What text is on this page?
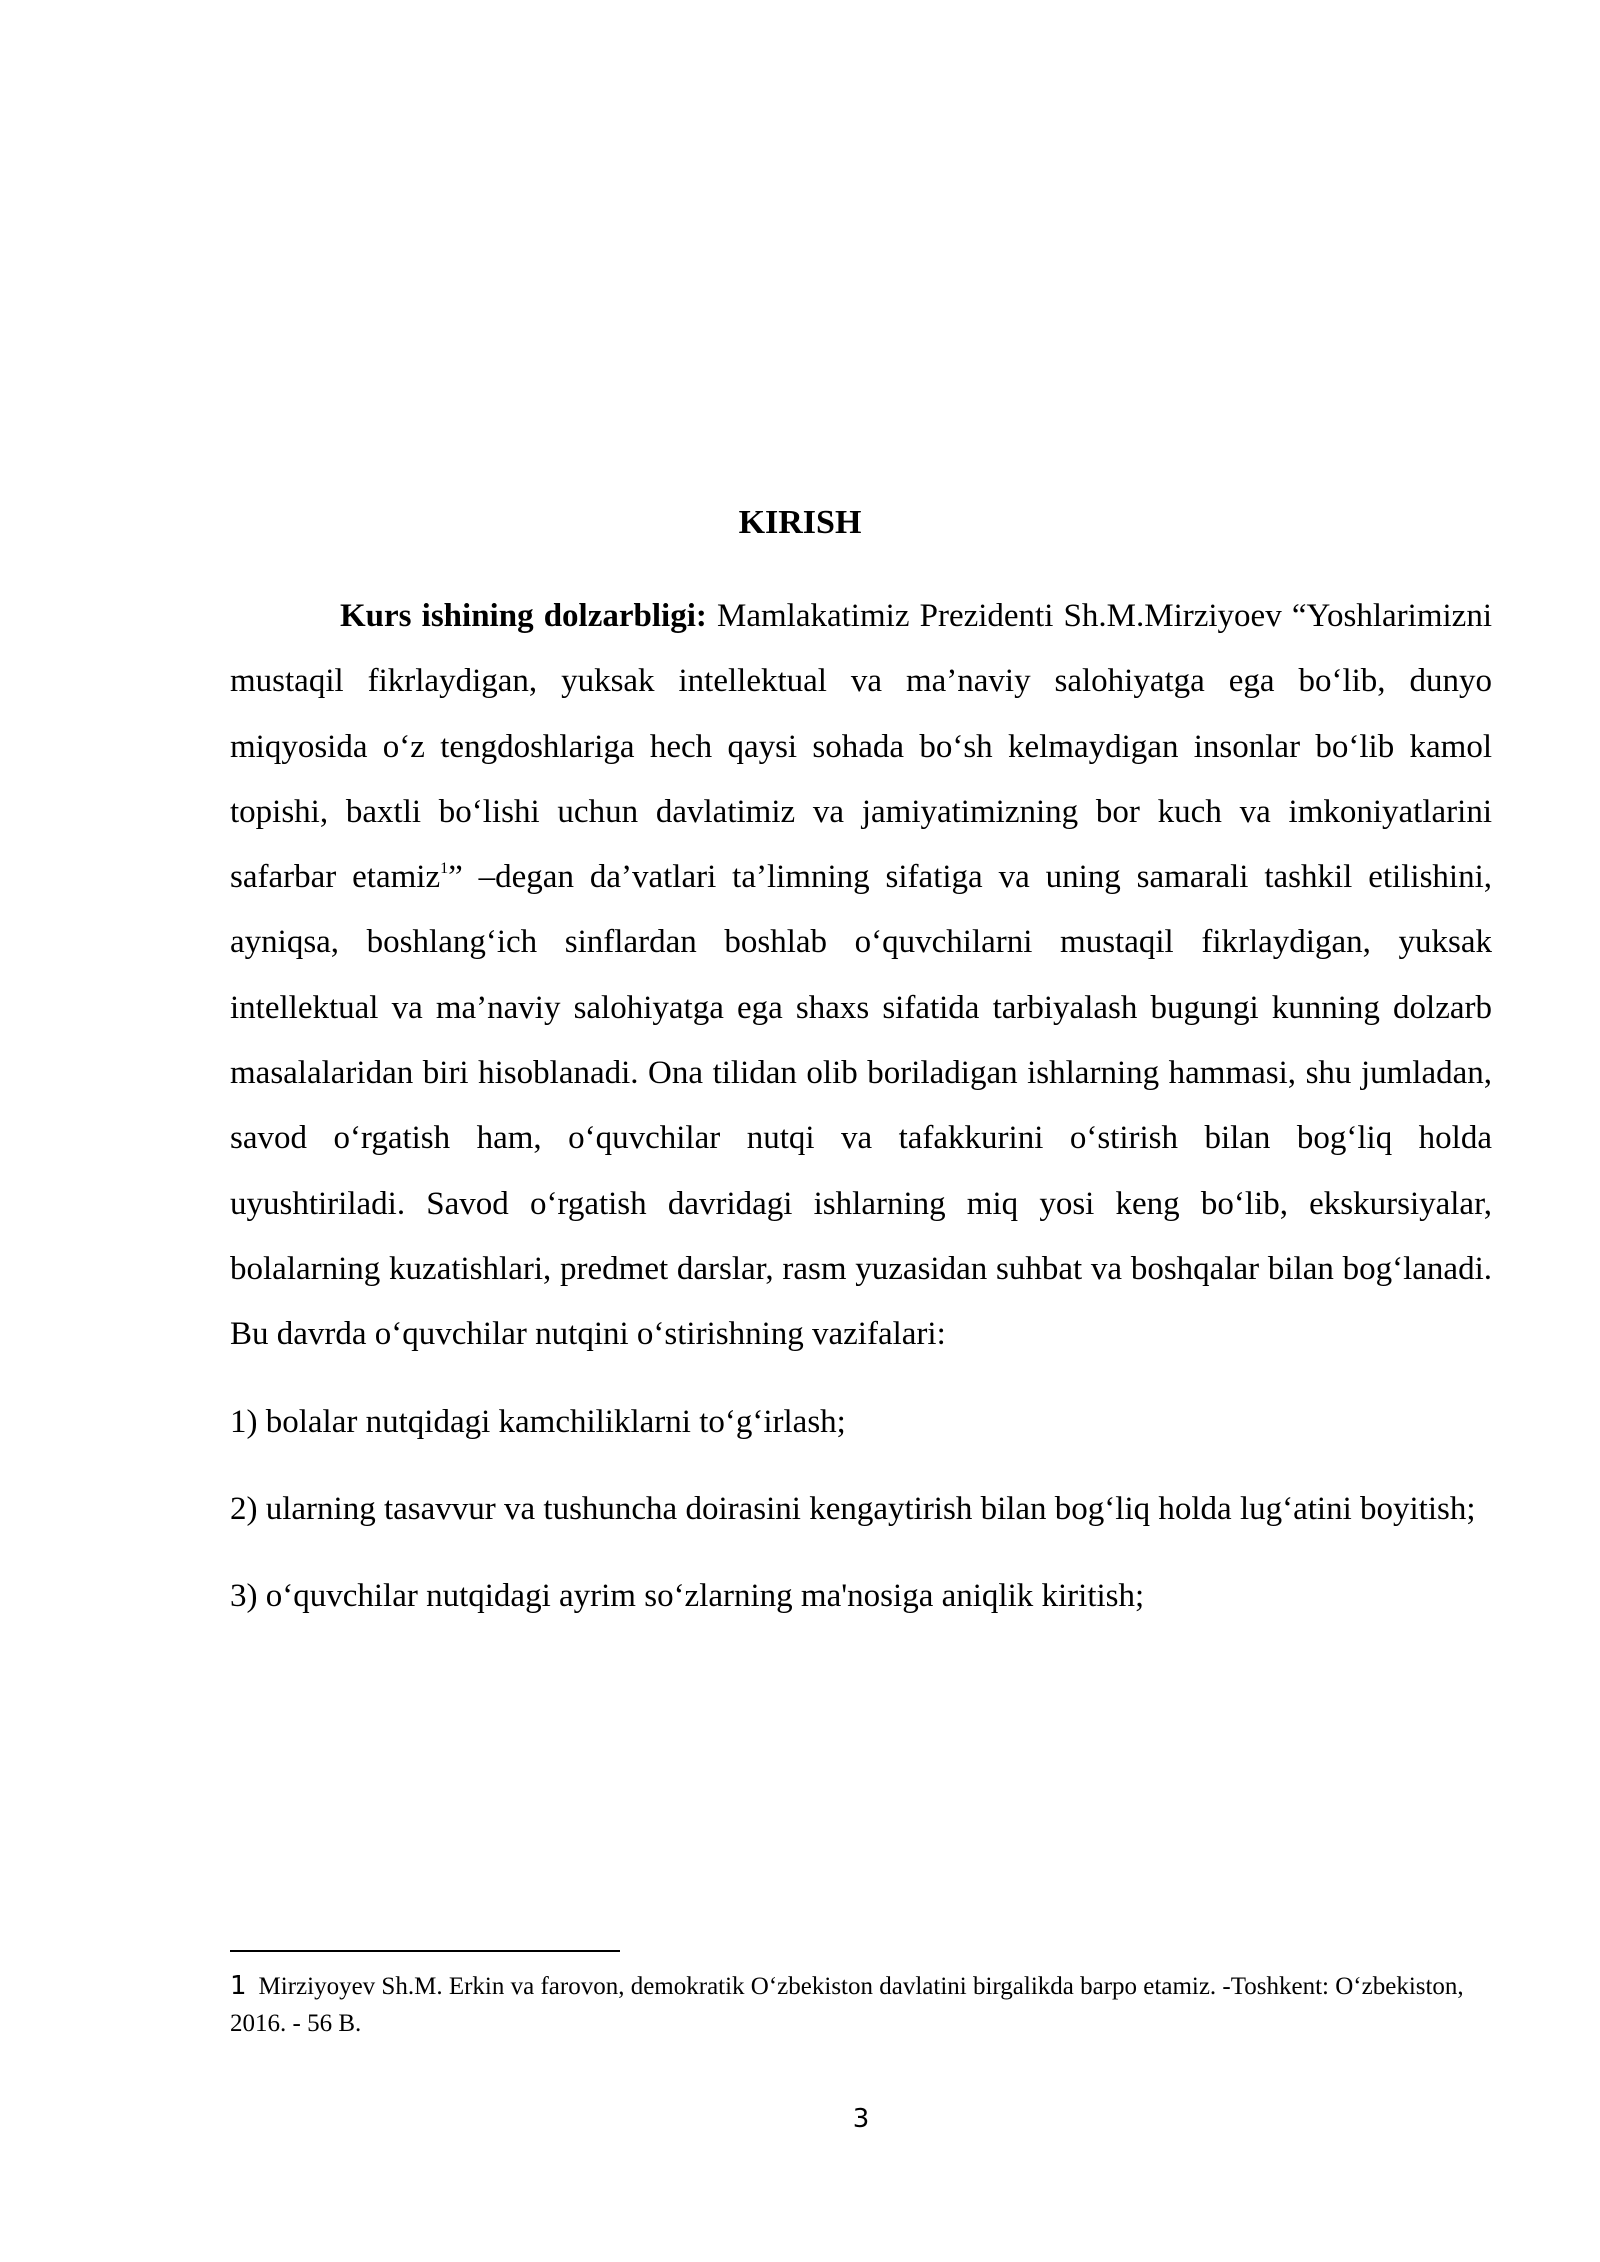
KIRISH

Kurs ishining dolzarbligi: Mamlakatimiz Prezidenti Sh.M.Mirziyoev “Yoshlarimizni mustaqil fikrlaydigan, yuksak intellektual va ma’naviy salohiyatga ega bo‘lib, dunyo miqyosida o‘z tengdoshlariga hech qaysi sohada bo‘sh kelmaydigan insonlar bo‘lib kamol topishi, baxtli bo‘lishi uchun davlatimiz va jamiyatimizning bor kuch va imkoniyatlarini safarbar etamiz$^1$” –degan da’vatlari ta’limning sifatiga va uning samarali tashkil etilishini, ayniqsa, boshlang‘ich sinflardan boshlab o‘quvchilarni mustaqil fikrlaydigan, yuksak intellektual va ma’naviy salohiyatga ega shaxs sifatida tarbiyalash bugungi kunning dolzarb masalalaridan biri hisoblanadi. Ona tilidan olib boriladigan ishlarning hammasi, shu jumladan, savod o‘rgatish ham, o‘quvchilar nutqi va tafakkurini o‘stirish bilan bog‘liq holda uyushtiriladi. Savod o‘rgatish davridagi ishlarning miq yosi keng bo‘lib, ekskursiyalar, bolalarning kuzatishlari, predmet darslar, rasm yuzasidan suhbat va boshqalar bilan bog‘lanadi. Bu davrda o‘quvchilar nutqini o‘stirishning vazifalari:

1) bolalar nutqidagi kamchiliklarni to‘g‘irlash;

2) ularning tasavvur va tushuncha doirasini kengaytirish bilan bog‘liq holda lug‘atini boyitish;

3) o‘quvchilar nutqidagi ayrim so‘zlarning ma'nosiga aniqlik kiritish;

1 Mirziyoyev Sh.M. Erkin va farovon, demokratik O‘zbekiston davlatini birgalikda barpo etamiz. -Toshkent: O‘zbekiston, 2016. - 56 B.

3
